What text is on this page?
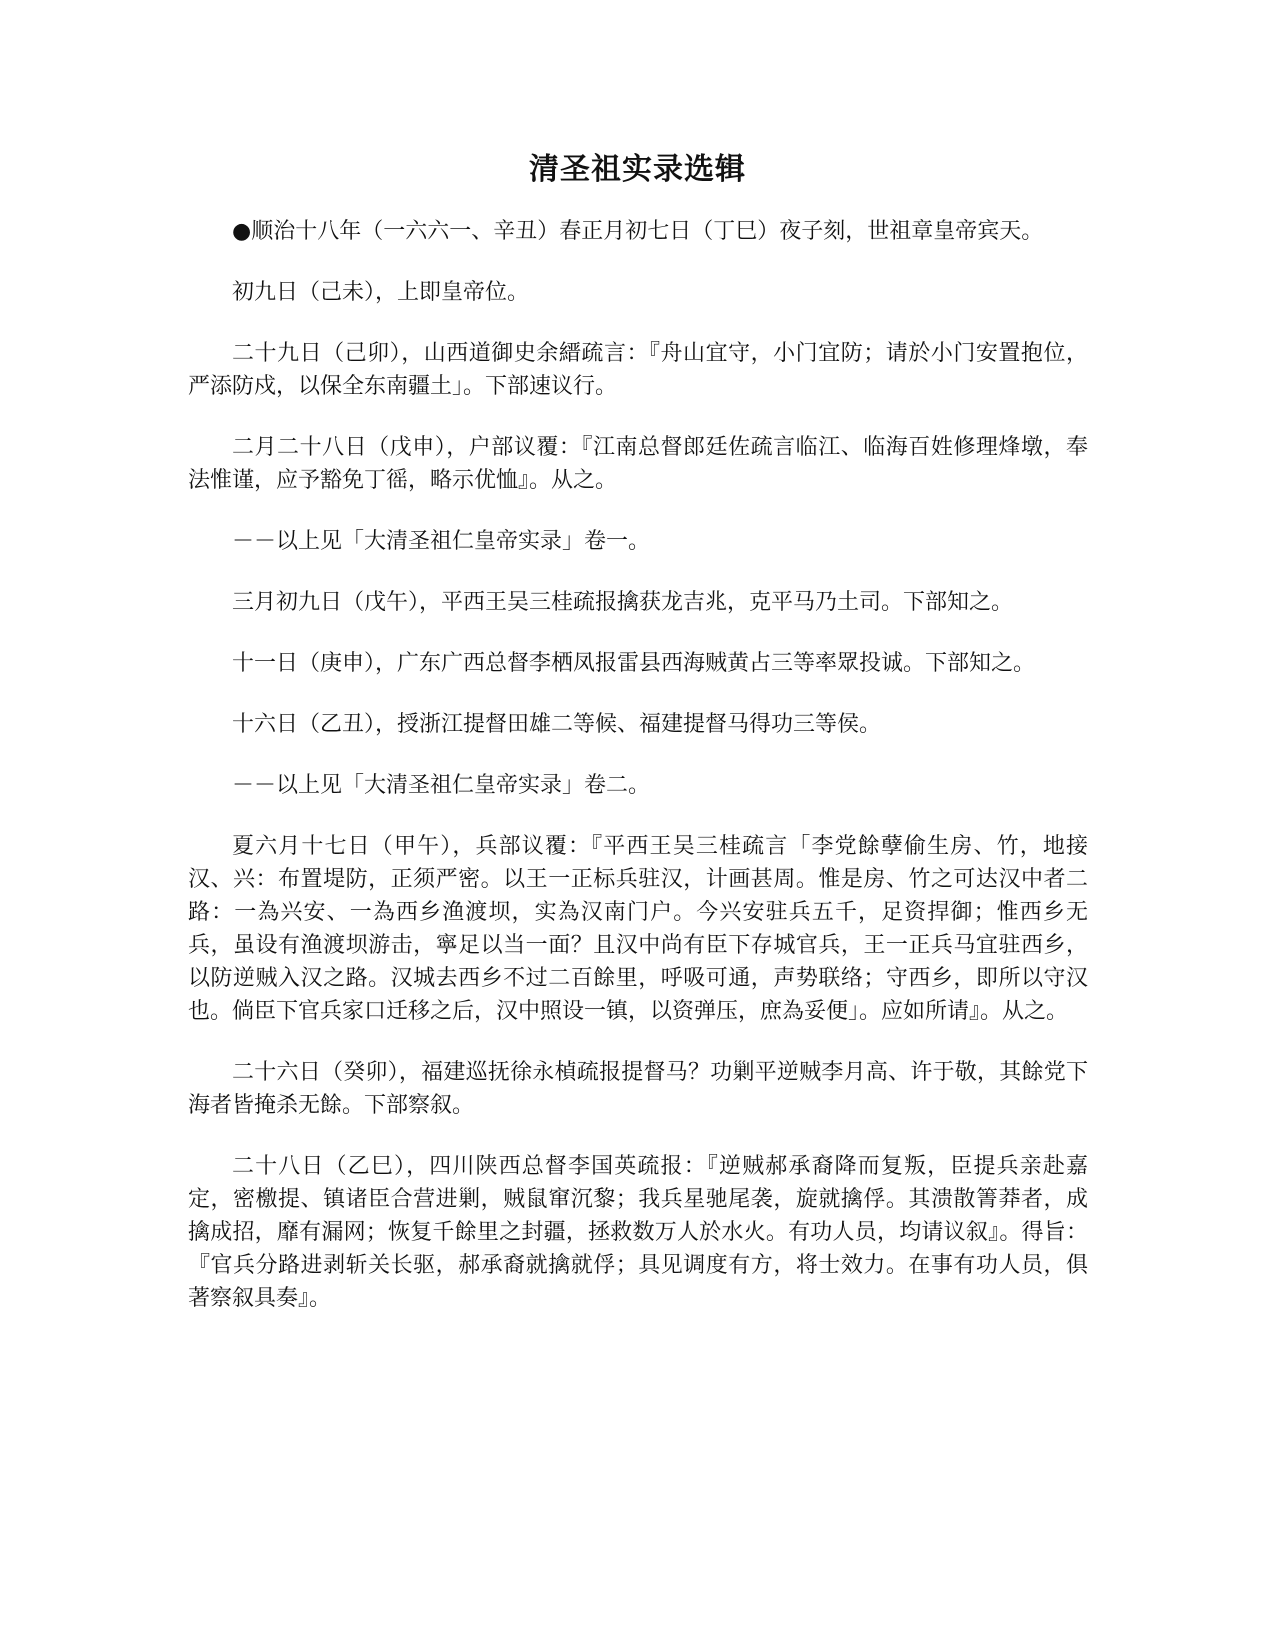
清圣祖实录选辑

●顺治十八年（一六六一、辛丑）春正月初七日（丁巳）夜子刻，世祖章皇帝宾天。

初九日（己未），上即皇帝位。

二十九日（己卯），山西道御史余縉疏言：『舟山宜守，小门宜防；请於小门安置抱位，严添防戍，以保全东南疆土」。下部速议行。

二月二十八日（戊申），户部议覆：『江南总督郎廷佐疏言临江、临海百姓修理烽墩，奉法惟谨，应予豁免丁徭，略示优恤』。从之。

－－以上见「大清圣祖仁皇帝实录」卷一。

三月初九日（戊午），平西王吴三桂疏报擒获龙吉兆，克平马乃土司。下部知之。

十一日（庚申），广东广西总督李栖凤报雷县西海贼黄占三等率眾投诚。下部知之。

十六日（乙丑），授浙江提督田雄二等候、福建提督马得功三等侯。

－－以上见「大清圣祖仁皇帝实录」卷二。

夏六月十七日（甲午），兵部议覆：『平西王吴三桂疏言「李党餘孽偷生房、竹，地接汉、兴：布置堤防，正须严密。以王一正标兵驻汉，计画甚周。惟是房、竹之可达汉中者二路：一為兴安、一為西乡渔渡坝，实為汉南门户。今兴安驻兵五千，足资捍御；惟西乡无兵，虽设有渔渡坝游击，寧足以当一面？且汉中尚有臣下存城官兵，王一正兵马宜驻西乡，以防逆贼入汉之路。汉城去西乡不过二百餘里，呼吸可通，声势联络；守西乡，即所以守汉也。倘臣下官兵家口迁移之后，汉中照设一镇，以资弹压，庶為妥便」。应如所请』。从之。

二十六日（癸卯），福建巡抚徐永楨疏报提督马？功剿平逆贼李月高、许于敬，其餘党下海者皆掩杀无餘。下部察叙。

二十八日（乙巳），四川陕西总督李国英疏报：『逆贼郝承裔降而复叛，臣提兵亲赴嘉定，密檄提、镇诸臣合营进剿，贼鼠窜沉黎；我兵星驰尾袭，旋就擒俘。其溃散箐莽者，成擒成招，靡有漏网；恢复千餘里之封疆，拯救数万人於水火。有功人员，均请议叙』。得旨：『官兵分路进剥斩关长驱，郝承裔就擒就俘；具见调度有方，将士效力。在事有功人员，俱著察叙具奏』。
